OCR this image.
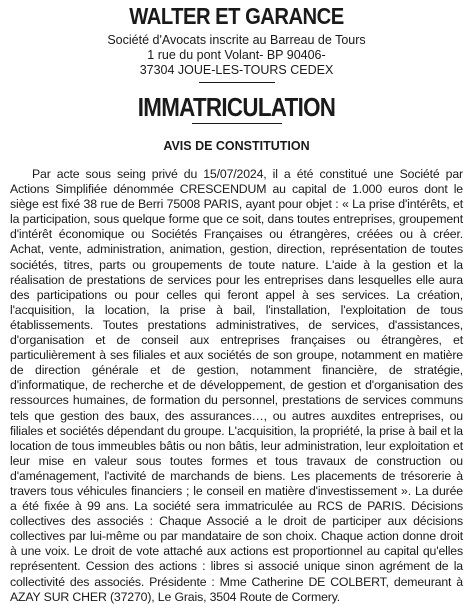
WALTER ET GARANCE
Société d'Avocats inscrite au Barreau de Tours
1 rue du pont Volant- BP 90406-
37304 JOUE-LES-TOURS CEDEX
IMMATRICULATION
AVIS DE CONSTITUTION

Par acte sous seing privé du 15/07/2024, il a été constitué une Société par Actions Simplifiée dénommée CRESCENDUM au capital de 1.000 euros dont le siège est fixé 38 rue de Berri 75008 PARIS, ayant pour objet : « La prise d'intérêts, et la participation, sous quelque forme que ce soit, dans toutes entreprises, groupement d'intérêt économique ou Sociétés Françaises ou étrangères, créées ou à créer. Achat, vente, administration, animation, gestion, direction, représentation de toutes sociétés, titres, parts ou groupements de toute nature. L'aide à la gestion et la réalisation de prestations de services pour les entreprises dans lesquelles elle aura des participations ou pour celles qui feront appel à ses services. La création, l'acquisition, la location, la prise à bail, l'installation, l'exploitation de tous établissements. Toutes prestations administratives, de services, d'assistances, d'organisation et de conseil aux entreprises françaises ou étrangères, et particulièrement à ses filiales et aux sociétés de son groupe, notamment en matière de direction générale et de gestion, notamment financière, de stratégie, d'informatique, de recherche et de développement, de gestion et d'organisation des ressources humaines, de formation du personnel, prestations de services communs tels que gestion des baux, des assurances…, ou autres auxdites entreprises, ou filiales et sociétés dépendant du groupe. L'acquisition, la propriété, la prise à bail et la location de tous immeubles bâtis ou non bâtis, leur administration, leur exploitation et leur mise en valeur sous toutes formes et tous travaux de construction ou d'aménagement, l'activité de marchands de biens. Les placements de trésorerie à travers tous véhicules financiers ; le conseil en matière d'investissement ». La durée a été fixée à 99 ans. La société sera immatriculée au RCS de PARIS. Décisions collectives des associés : Chaque Associé a le droit de participer aux décisions collectives par lui-même ou par mandataire de son choix. Chaque action donne droit à une voix. Le droit de vote attaché aux actions est proportionnel au capital qu'elles représentent. Cession des actions : libres si associé unique sinon agrément de la collectivité des associés. Présidente : Mme Catherine DE COLBERT, demeurant à AZAY SUR CHER (37270), Le Grais, 3504 Route de Cormery.
